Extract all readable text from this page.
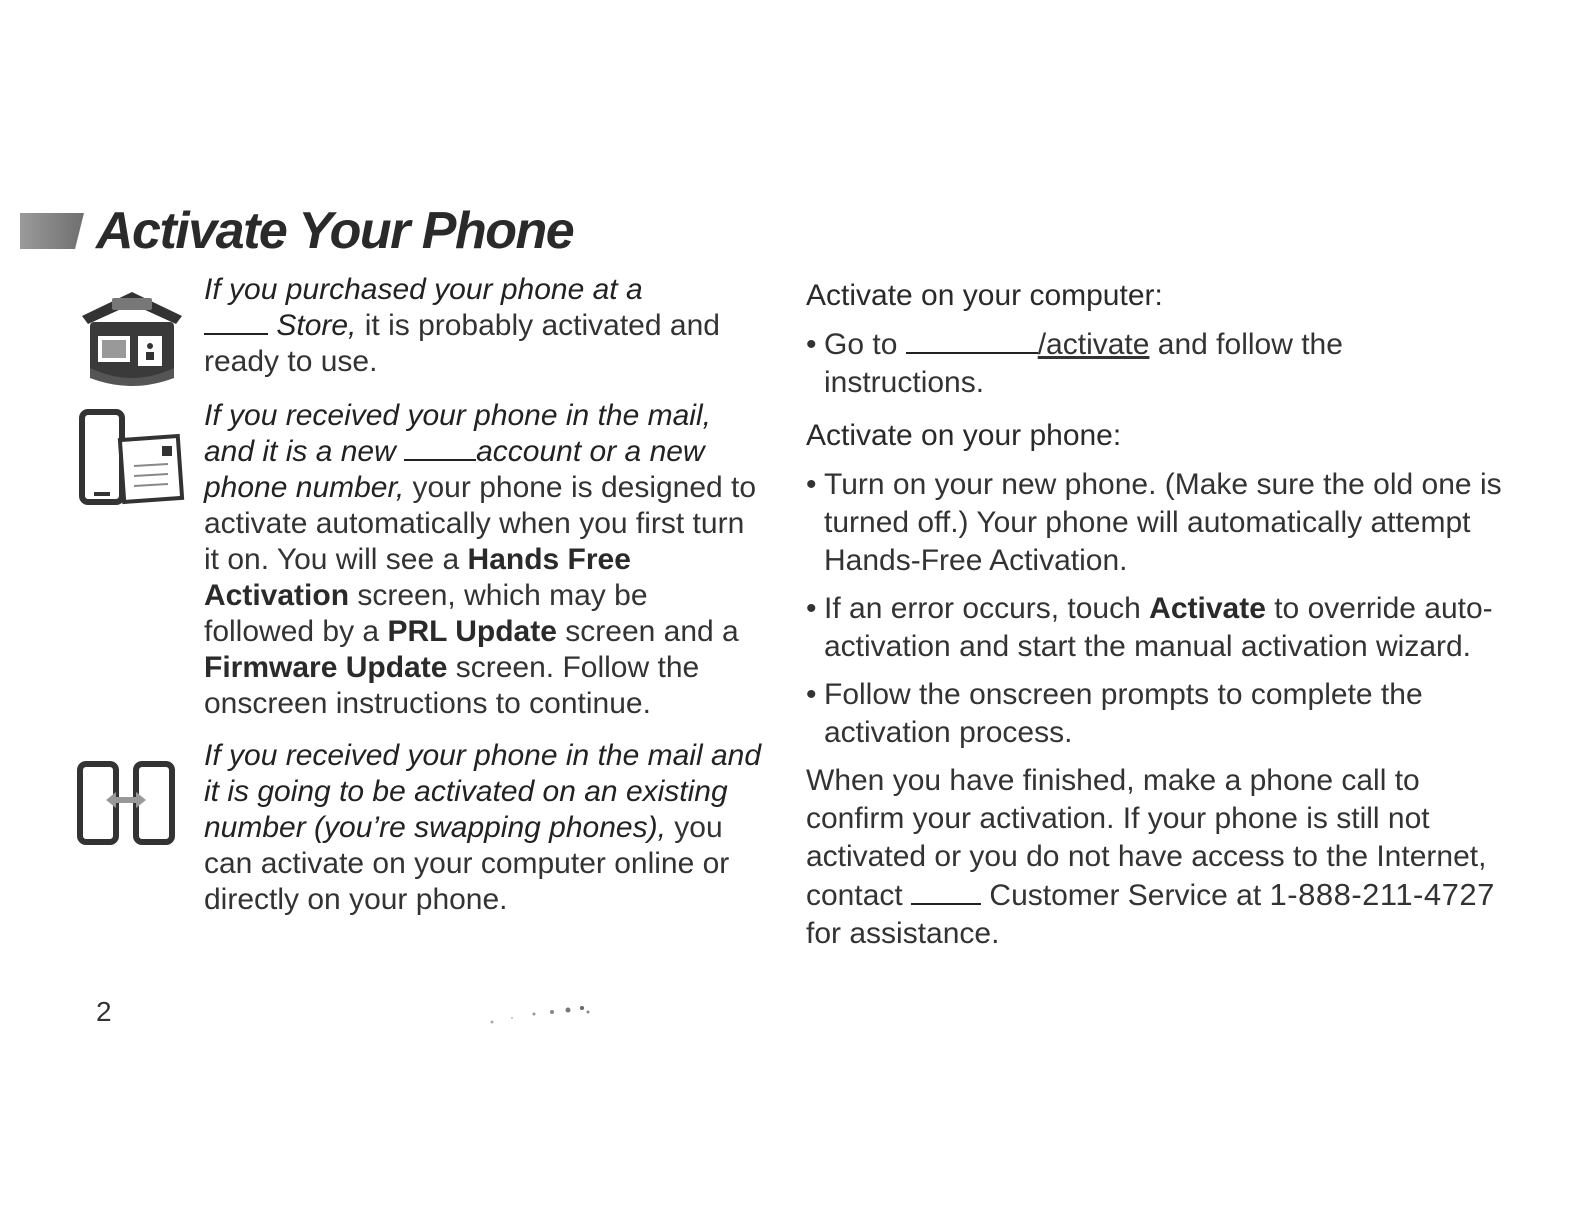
Activate Your Phone
If you purchased your phone at a
Store, it is probably activated and ready to use.
If you received your phone in the mail, and it is a new	account or a new phone number, your phone is designed to activate automatically when you first turn it on. You will see a Hands Free Activation screen, which may be followed by a PRL Update screen and a Firmware Update screen. Follow the onscreen instructions to continue.
If you received your phone in the mail and it is going to be activated on an existing number (you’re swapping phones), you can activate on your computer online or directly on your phone.
Activate on your computer:
• Go to	/activate and follow the instructions.
Activate on your phone:
• Turn on your new phone. (Make sure the old one is turned off.) Your phone will automatically attempt Hands-Free Activation.
• If an error occurs, touch Activate to override auto-activation and start the manual activation wizard.
• Follow the onscreen prompts to complete the activation process.
When you have finished, make a phone call to confirm your activation. If your phone is still not activated or you do not have access to the Internet, contact	Customer Service at 1-888-211-4727 for assistance.
2
